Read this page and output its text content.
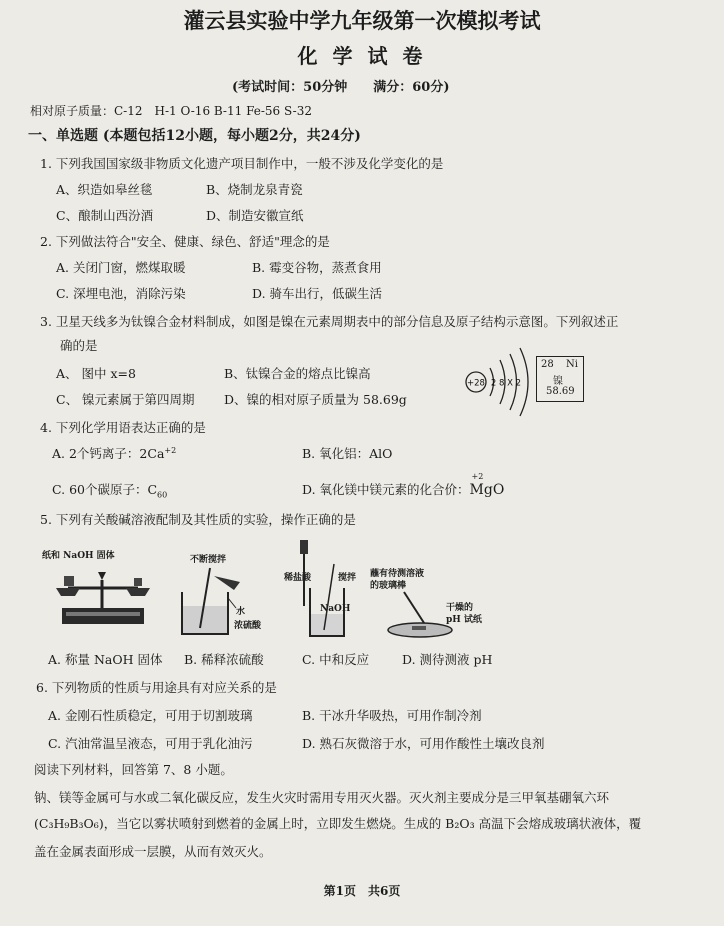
灌云县实验中学九年级第一次模拟考试
化 学 试 卷
(考试时间：50分钟　　满分：60分)
相对原子质量：C-12　H-1 O-16 B-11 Fe-56 S-32
一、单选题 (本题包括12小题，每小题2分，共24分)
1. 下列我国国家级非物质文化遗产项目制作中，一般不涉及化学变化的是
A、织造如皋丝毯	B、烧制龙泉青瓷
C、酿制山西汾酒	D、制造安徽宣纸
2. 下列做法符合"安全、健康、绿色、舒适"理念的是
A. 关闭门窗，燃煤取暖	B. 霉变谷物，蒸煮食用
C. 深埋电池，消除污染	D. 骑车出行，低碳生活
3. 卫星天线多为钛镍合金材料制成，如图是镍在元素周期表中的部分信息及原子结构示意图。下列叙述正
确的是
A、 图中 x=8	B、钛镍合金的熔点比镍高
C、 镍元素属于第四周期 D、镍的相对原子质量为 58.69g
+28 2 8 X 2
28 Ni
镍
58.69
4. 下列化学用语表达正确的是
A. 2个钙离子：$2Ca^{+2}$	B. 氧化铝：AlO
C. 60个碳原子：$C_{60}$	D. 氧化镁中镁元素的化合价：
+2
MgO
5. 下列有关酸碱溶液配制及其性质的实验，操作正确的是
纸和 NaOH 固体	不断搅拌
水
浓硫酸
稀盐酸	搅拌
NaOH
蘸有待测溶液
的玻璃棒
干燥的
pH 试纸
A. 称量 NaOH 固体 B. 稀释浓硫酸	C. 中和反应	D. 测待测液 pH
6. 下列物质的性质与用途具有对应关系的是
A. 金刚石性质稳定，可用于切割玻璃	B. 干冰升华吸热，可用作制冷剂
C. 汽油常温呈液态，可用于乳化油污	D. 熟石灰微溶于水，可用作酸性土壤改良剂
阅读下列材料，回答第 7、8 小题。
钠、镁等金属可与水或二氧化碳反应，发生火灾时需用专用灭火器。灭火剂主要成分是三甲氧基硼氧六环
(C₃H₉B₃O₆)，当它以雾状喷射到燃着的金属上时，立即发生燃烧。生成的 B₂O₃ 高温下会熔成玻璃状液体，覆
盖在金属表面形成一层膜，从而有效灭火。
第1页　共6页
